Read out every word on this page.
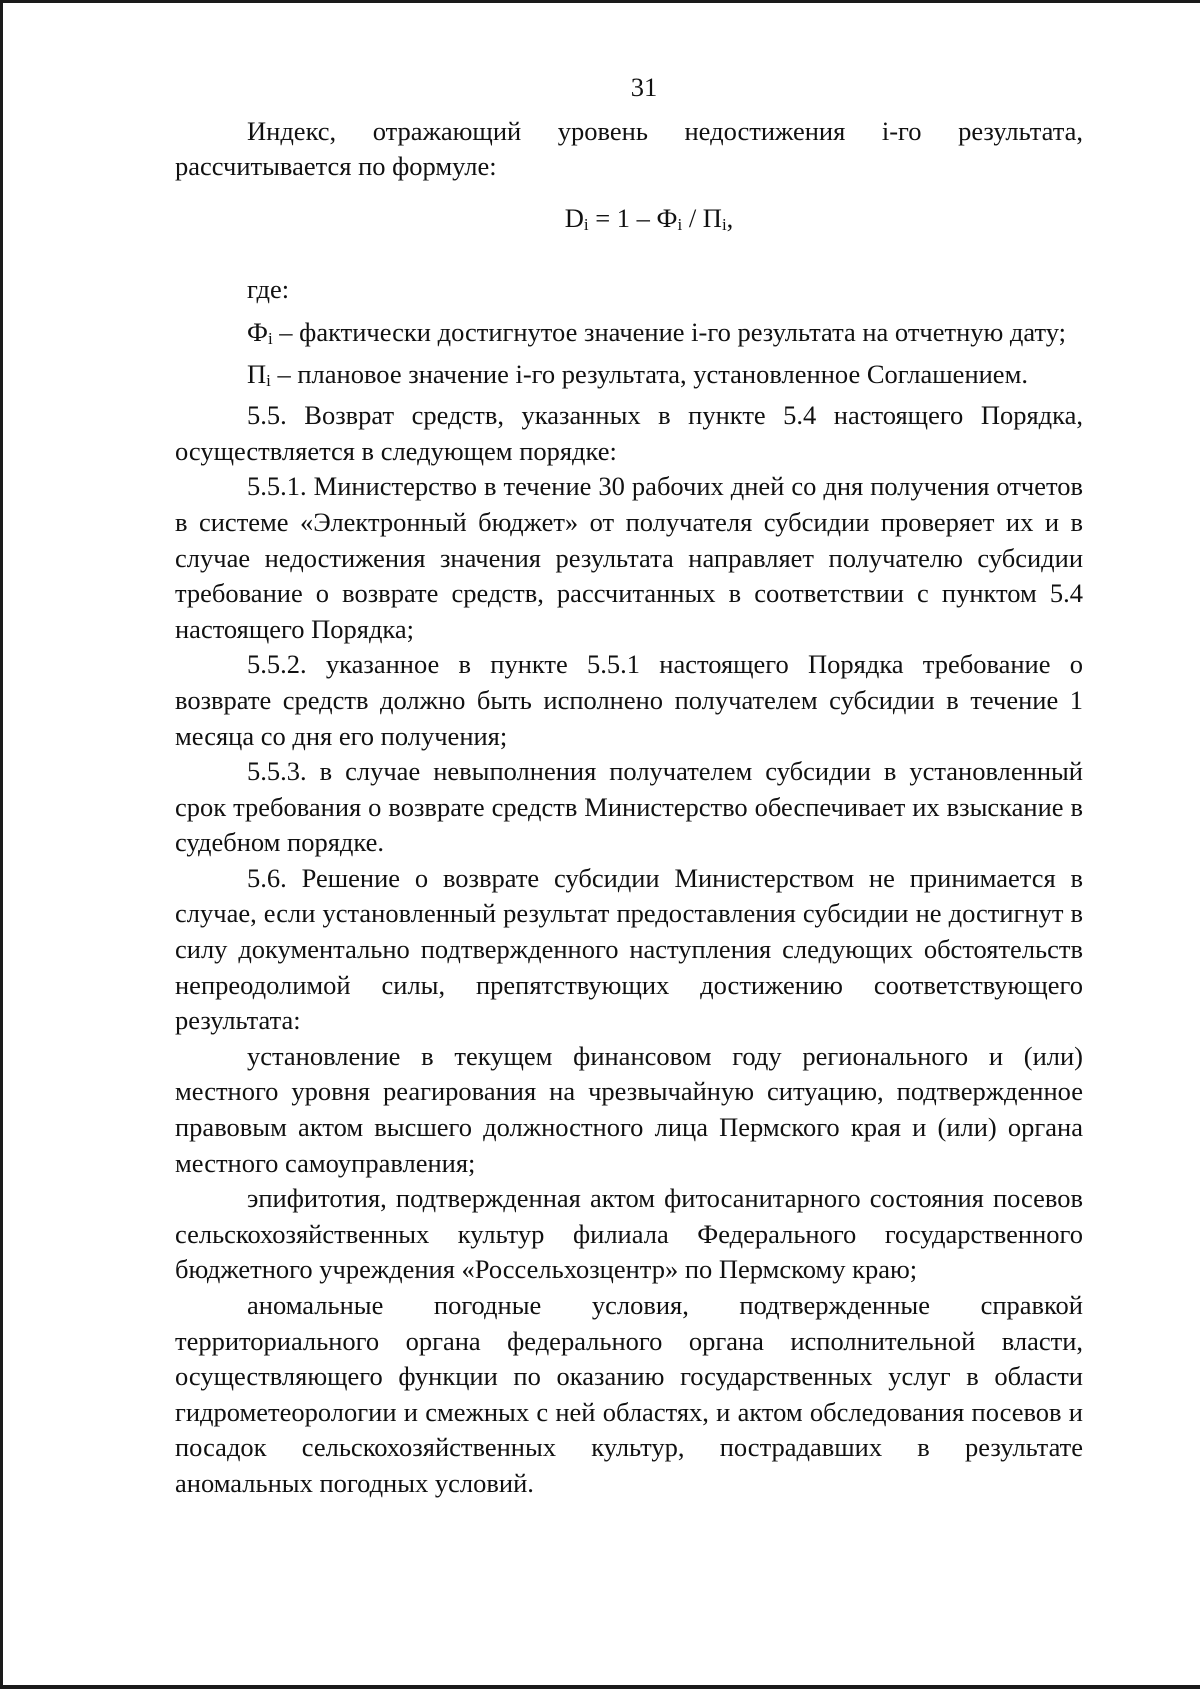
31

Индекс, отражающий уровень недостижения i-го результата, рассчитывается по формуле:

$D_i = 1 - Ф_i / П_i$,

где:

$Ф_i$ – фактически достигнутое значение i-го результата на отчетную дату;

$П_i$ – плановое значение i-го результата, установленное Соглашением.

5.5. Возврат средств, указанных в пункте 5.4 настоящего Порядка, осуществляется в следующем порядке:

5.5.1. Министерство в течение 30 рабочих дней со дня получения отчетов в системе «Электронный бюджет» от получателя субсидии проверяет их и в случае недостижения значения результата направляет получателю субсидии требование о возврате средств, рассчитанных в соответствии с пунктом 5.4 настоящего Порядка;

5.5.2. указанное в пункте 5.5.1 настоящего Порядка требование о возврате средств должно быть исполнено получателем субсидии в течение 1 месяца со дня его получения;

5.5.3. в случае невыполнения получателем субсидии в установленный срок требования о возврате средств Министерство обеспечивает их взыскание в судебном порядке.

5.6. Решение о возврате субсидии Министерством не принимается в случае, если установленный результат предоставления субсидии не достигнут в силу документально подтвержденного наступления следующих обстоятельств непреодолимой силы, препятствующих достижению соответствующего результата:

установление в текущем финансовом году регионального и (или) местного уровня реагирования на чрезвычайную ситуацию, подтвержденное правовым актом высшего должностного лица Пермского края и (или) органа местного самоуправления;

эпифитотия, подтвержденная актом фитосанитарного состояния посевов сельскохозяйственных культур филиала Федерального государственного бюджетного учреждения «Россельхозцентр» по Пермскому краю;

аномальные погодные условия, подтвержденные справкой территориального органа федерального органа исполнительной власти, осуществляющего функции по оказанию государственных услуг в области гидрометеорологии и смежных с ней областях, и актом обследования посевов и посадок сельскохозяйственных культур, пострадавших в результате аномальных погодных условий.
